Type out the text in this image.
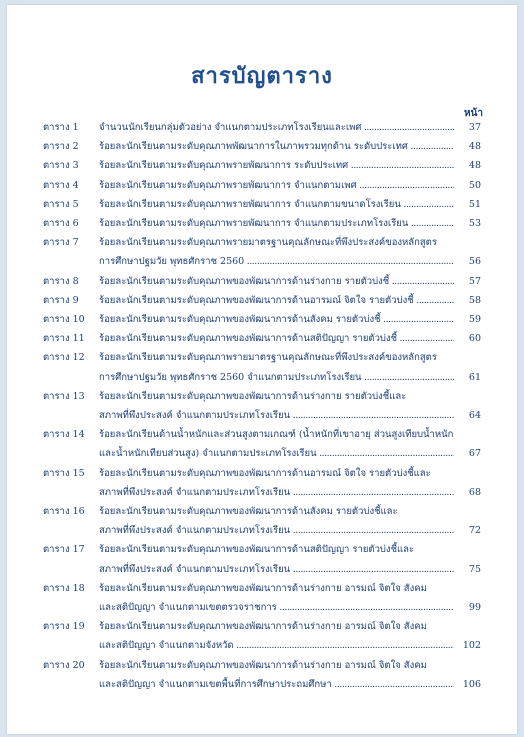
สารบัญตาราง
หน้า
ตาราง 1	จำนวนนักเรียนกลุ่มตัวอย่าง จำแนกตามประเภทโรงเรียนและเพศ .....	37
ตาราง 2	ร้อยละนักเรียนตามระดับคุณภาพพัฒนาการในภาพรวมทุกด้าน ระดับประเทศ .....	48
ตาราง 3	ร้อยละนักเรียนตามระดับคุณภาพรายพัฒนาการ ระดับประเทศ .....	48
ตาราง 4	ร้อยละนักเรียนตามระดับคุณภาพรายพัฒนาการ จำแนกตามเพศ .....	50
ตาราง 5	ร้อยละนักเรียนตามระดับคุณภาพรายพัฒนาการ จำแนกตามขนาดโรงเรียน .....	51
ตาราง 6	ร้อยละนักเรียนตามระดับคุณภาพรายพัฒนาการ จำแนกตามประเภทโรงเรียน .....	53
ตาราง 7	ร้อยละนักเรียนตามระดับคุณภาพรายมาตรฐานคุณลักษณะที่พึงประสงค์ของหลักสูตร
การศึกษาปฐมวัย พุทธศักราช 2560 .....	56
ตาราง 8	ร้อยละนักเรียนตามระดับคุณภาพของพัฒนาการด้านร่างกาย รายตัวบ่งชี้ .....	57
ตาราง 9	ร้อยละนักเรียนตามระดับคุณภาพของพัฒนาการด้านอารมณ์ จิตใจ รายตัวบ่งชี้ .....	58
ตาราง 10	ร้อยละนักเรียนตามระดับคุณภาพของพัฒนาการด้านสังคม รายตัวบ่งชี้ .....	59
ตาราง 11	ร้อยละนักเรียนตามระดับคุณภาพของพัฒนาการด้านสติปัญญา รายตัวบ่งชี้ .....	60
ตาราง 12	ร้อยละนักเรียนตามระดับคุณภาพรายมาตรฐานคุณลักษณะที่พึงประสงค์ของหลักสูตร
การศึกษาปฐมวัย พุทธศักราช 2560 จำแนกตามประเภทโรงเรียน .....	61
ตาราง 13	ร้อยละนักเรียนตามระดับคุณภาพของพัฒนาการด้านร่างกาย รายตัวบ่งชี้และ
สภาพที่พึงประสงค์ จำแนกตามประเภทโรงเรียน .....	64
ตาราง 14	ร้อยละนักเรียนด้านน้ำหนักและส่วนสูงตามเกณฑ์ (น้ำหนักที่เขาอายุ ส่วนสูงเทียบน้ำหนัก
และน้ำหนักเทียบส่วนสูง) จำแนกตามประเภทโรงเรียน .....	67
ตาราง 15	ร้อยละนักเรียนตามระดับคุณภาพของพัฒนาการด้านอารมณ์ จิตใจ รายตัวบ่งชี้และ
สภาพที่พึงประสงค์ จำแนกตามประเภทโรงเรียน .....	68
ตาราง 16	ร้อยละนักเรียนตามระดับคุณภาพของพัฒนาการด้านสังคม รายตัวบ่งชี้และ
สภาพที่พึงประสงค์ จำแนกตามประเภทโรงเรียน .....	72
ตาราง 17	ร้อยละนักเรียนตามระดับคุณภาพของพัฒนาการด้านสติปัญญา รายตัวบ่งชี้และ
สภาพที่พึงประสงค์ จำแนกตามประเภทโรงเรียน .....	75
ตาราง 18	ร้อยละนักเรียนตามระดับคุณภาพของพัฒนาการด้านร่างกาย อารมณ์ จิตใจ สังคม
และสติปัญญา จำแนกตามเขตตรวจราชการ .....	99
ตาราง 19	ร้อยละนักเรียนตามระดับคุณภาพของพัฒนาการด้านร่างกาย อารมณ์ จิตใจ สังคม
และสติปัญญา จำแนกตามจังหวัด .....	102
ตาราง 20	ร้อยละนักเรียนตามระดับคุณภาพของพัฒนาการด้านร่างกาย อารมณ์ จิตใจ สังคม
และสติปัญญา จำแนกตามเขตพื้นที่การศึกษาประถมศึกษา .....	106
